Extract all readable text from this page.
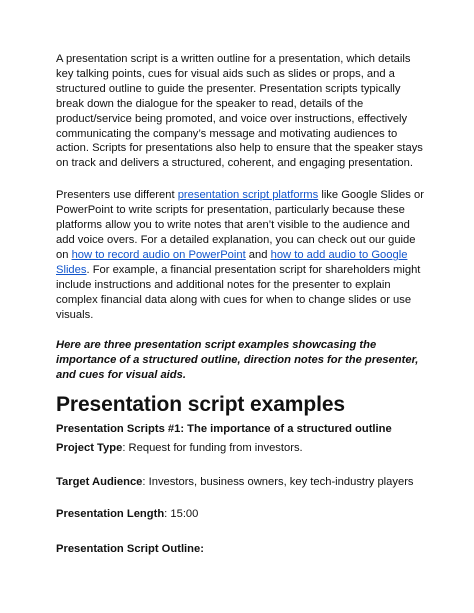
A presentation script is a written outline for a presentation, which details key talking points, cues for visual aids such as slides or props, and a structured outline to guide the presenter. Presentation scripts typically break down the dialogue for the speaker to read, details of the product/service being promoted, and voice over instructions, effectively communicating the company’s message and motivating audiences to action. Scripts for presentations also help to ensure that the speaker stays on track and delivers a structured, coherent, and engaging presentation.

Presenters use different presentation script platforms like Google Slides or PowerPoint to write scripts for presentation, particularly because these platforms allow you to write notes that aren’t visible to the audience and add voice overs. For a detailed explanation, you can check out our guide on how to record audio on PowerPoint and how to add audio to Google Slides. For example, a financial presentation script for shareholders might include instructions and additional notes for the presenter to explain complex financial data along with cues for when to change slides or use visuals.

Here are three presentation script examples showcasing the importance of a structured outline, direction notes for the presenter, and cues for visual aids.

Presentation script examples
Presentation Scripts #1: The importance of a structured outline

Project Type: Request for funding from investors.

Target Audience: Investors, business owners, key tech-industry players

Presentation Length: 15:00

Presentation Script Outline:
